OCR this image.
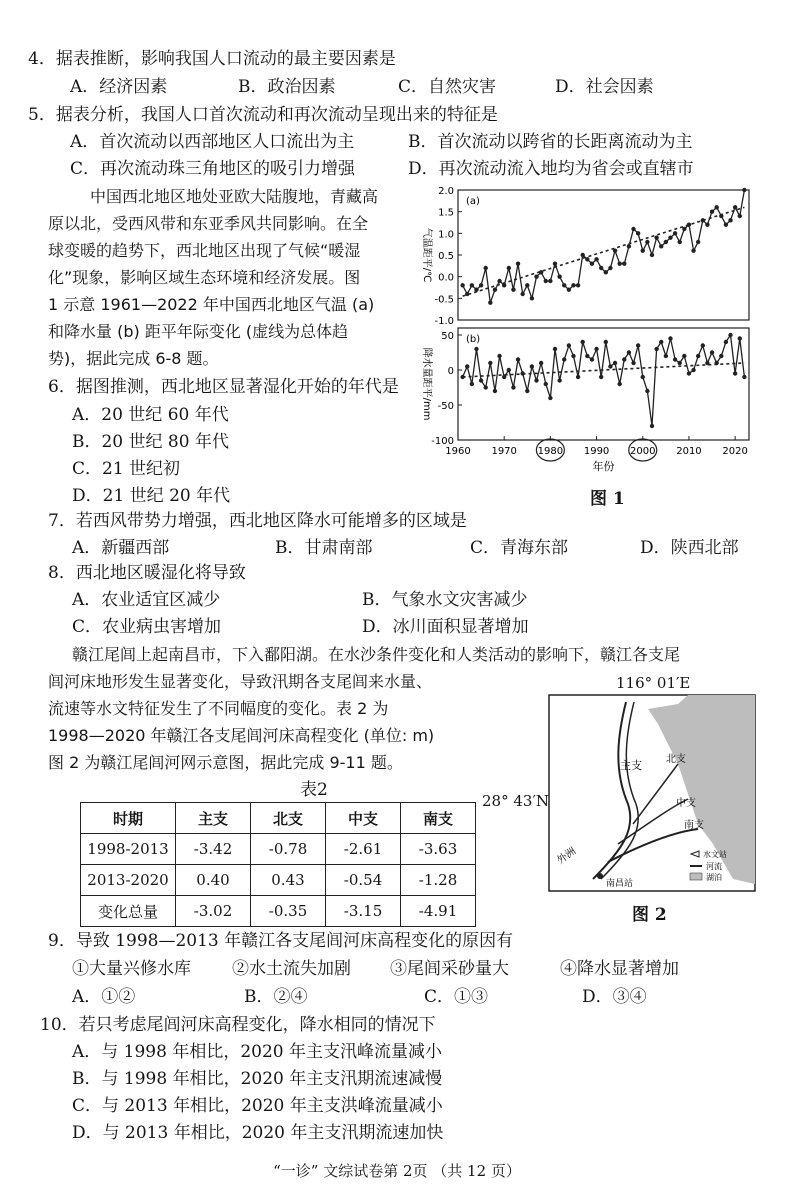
4．据表推断，影响我国人口流动的最主要因素是
A．经济因素	B．政治因素	C．自然灾害	D．社会因素
5．据表分析，我国人口首次流动和再次流动呈现出来的特征是
A．首次流动以西部地区人口流出为主	B．首次流动以跨省的长距离流动为主
C．再次流动珠三角地区的吸引力增强	D．再次流动流入地均为省会或直辖市
中国西北地区地处亚欧大陆腹地，青藏高
原以北，受西风带和东亚季风共同影响。在全
球变暖的趋势下，西北地区出现了气候“暖湿
化”现象，影响区域生态环境和经济发展。图
1 示意 1961—2022 年中国西北地区气温 (a)
和降水量 (b) 距平年际变化 (虚线为总体趋
势)，据此完成 6-8 题。
6．据图推测，西北地区显著湿化开始的年代是
A．20 世纪 60 年代
B．20 世纪 80 年代
C．21 世纪初
D．21 世纪 20 年代
-1.0
-0.5
0.0
0.5
1.0
1.5
2.0
(a)
气温距平/℃
-100
-50
0
50 (b)
降水量距平/mm
1960 1970 1980 1990 2000 2010 2020
年份
图 1
7．若西风带势力增强，西北地区降水可能增多的区域是
A．新疆西部	B．甘肃南部	C．青海东部	D．陕西北部
8．西北地区暖湿化将导致
A．农业适宜区减少	B．气象水文灾害减少
C．农业病虫害增加	D．冰川面积显著增加
赣江尾闾上起南昌市，下入鄱阳湖。在水沙条件变化和人类活动的影响下，赣江各支尾
闾河床地形发生显著变化，导致汛期各支尾闾来水量、
流速等水文特征发生了不同幅度的变化。表 2 为
1998—2020 年赣江各支尾闾河床高程变化 (单位: m)
图 2 为赣江尾闾河网示意图，据此完成 9-11 题。
表2
时期	主支	北支	中支	南支
1998-2013	-3.42	-0.78	-2.61	-3.63
2013-2020	0.40	0.43	-0.54	-1.28
变化总量	-3.02	-0.35	-3.15	-4.91
116° 01′E
28° 43′N
主支 北支
中支
南支
外洲
南昌站
水文站
河流
湖泊
图 2
9．导致 1998—2013 年赣江各支尾闾河床高程变化的原因有
①大量兴修水库 ②水土流失加剧 ③尾闾采砂量大	④降水显著增加
A．①②	B．②④	C．①③	D．③④
10．若只考虑尾闾河床高程变化，降水相同的情况下
A．与 1998 年相比，2020 年主支汛峰流量减小
B．与 1998 年相比，2020 年主支汛期流速减慢
C．与 2013 年相比，2020 年主支洪峰流量减小
D．与 2013 年相比，2020 年主支汛期流速加快
“一诊” 文综试卷第 2页 （共 12 页）
